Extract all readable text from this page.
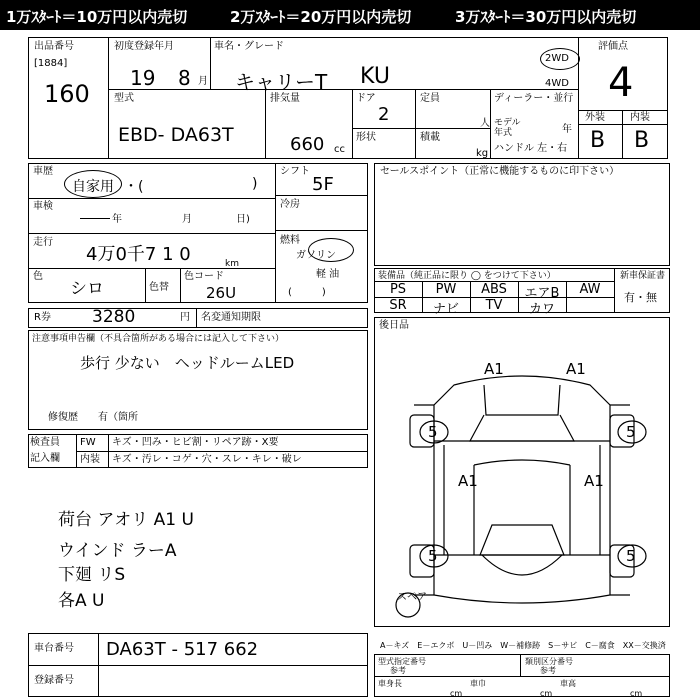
1万ｽﾀｰﾄ＝10万円以内売切	2万ｽﾀｰﾄ＝20万円以内売切	3万ｽﾀｰﾄ＝30万円以内売切
出品番号
[1884]
160
初度登録年月
19 8 月
車名・グレード
キャリーT KU
2WD
4WD
評価点
4
型式
EBD- DA63T
排気量
660 cc
ドア
2
形状
定員
人
積載
kg
ディーラー・並行
モデル
年式	年
ハンドル 左・右
外装
B
内装
B
車歴
自家用 ・(	)
シフト
5F
冷房
車検
年	月	日)
走行
4万0千7 1 0	km
燃料
ガソリン
軽 油
(　　　)
色
シロ	色替
色コード
26U
セールスポイント（正常に機能するものに印下さい）
装備品（純正品に限り ◯ をつけて下さい）	新車保証書
有・無
PS	PW	ABS	エアB	AW
SR	ナビ	TV	カワ
R券 3280	円 名変通知期限
注意事項申告欄（不具合箇所がある場合には記入して下さい）
歩行 少ない　ヘッドルームLED
修復歴　　有（箇所
後日品
A1	A1
5	5
A1	A1
5	5
スペア
検査員
記入欄
FW キズ・凹み・ヒビ割・リペア跡・X要
内装 キズ・汚レ・コゲ・穴・スレ・キレ・破レ
荷台 アオリ A1 U
ウインド ラーA
下廻 リS
各A U
車台番号 DA63T - 517 662
登録番号
A－キズ　E－エクボ　U－凹み　W－補修跡　S－サビ　C－腐食　XX－交換済
型式指定番号	類別区分番号
参考	参考
車身長	車巾	車高
cm	cm	cm
